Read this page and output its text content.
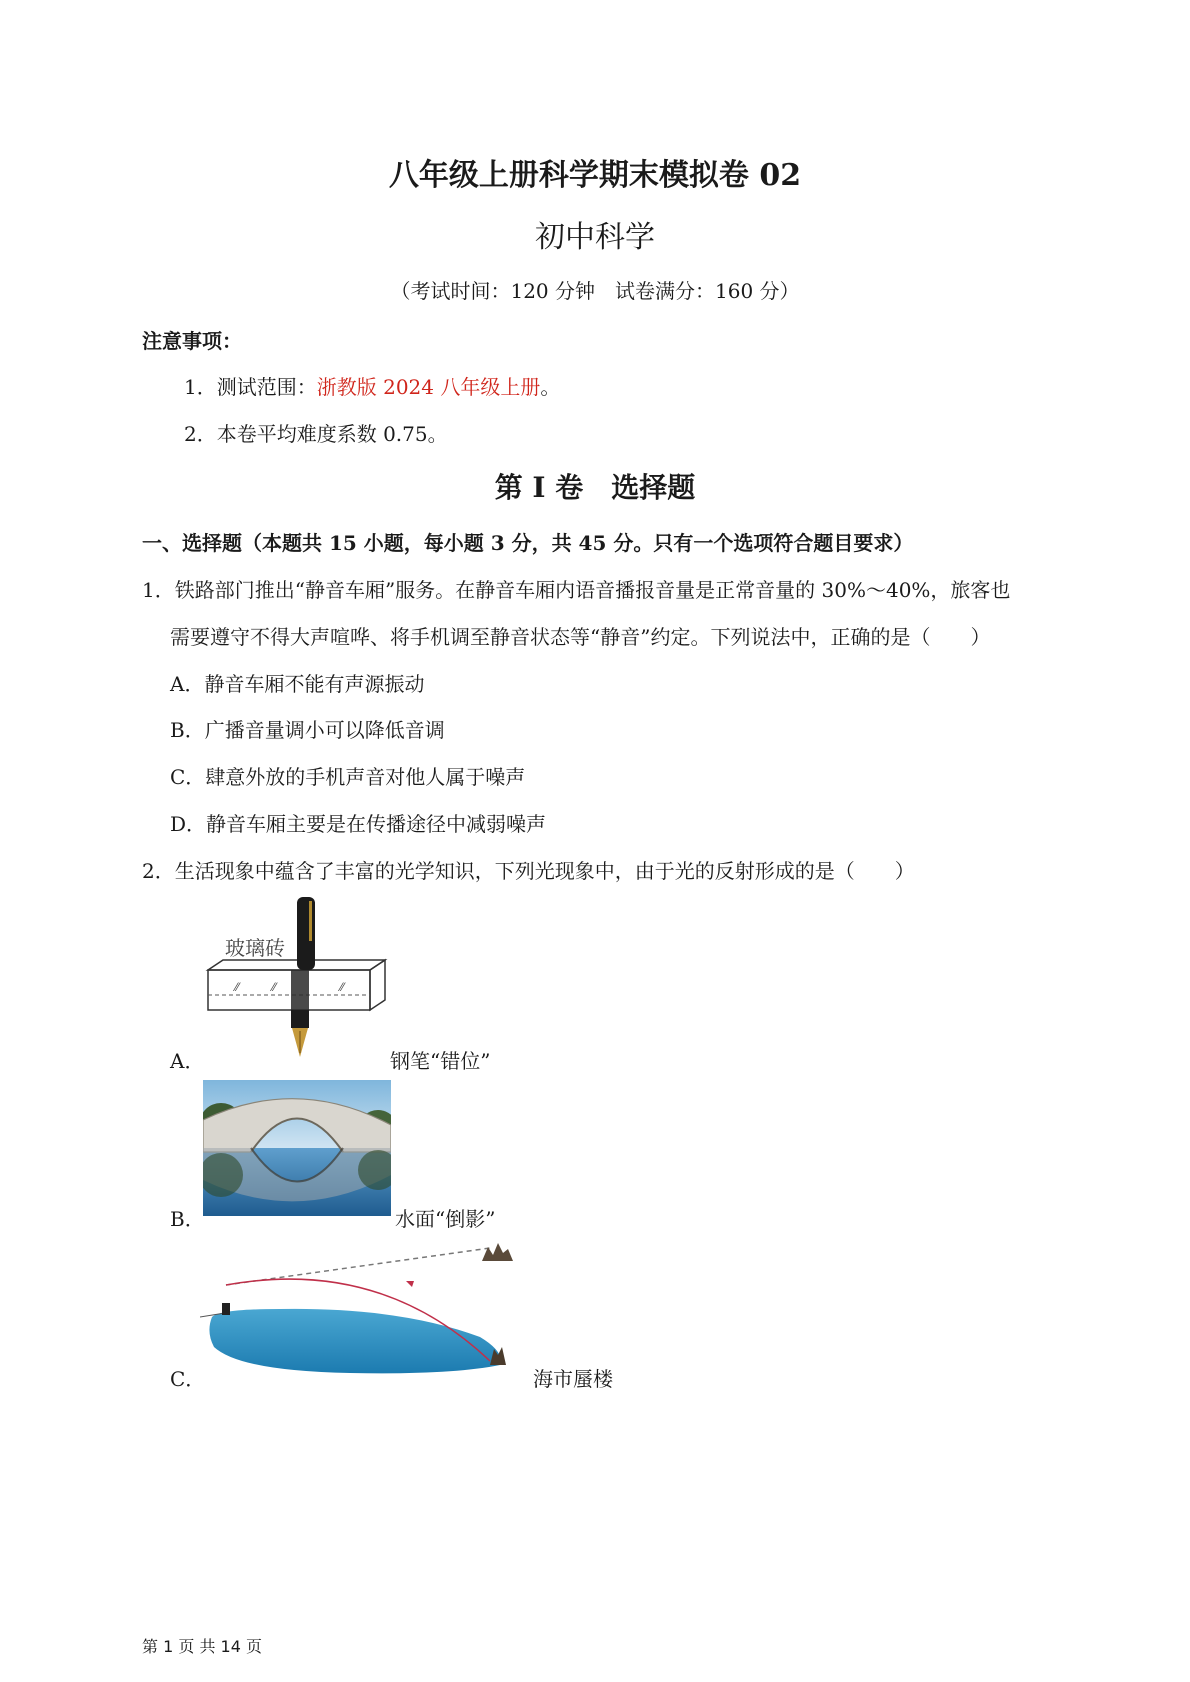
八年级上册科学期末模拟卷 02
初中科学
（考试时间：120 分钟　试卷满分：160 分）
注意事项：
1．测试范围：浙教版 2024 八年级上册。
2．本卷平均难度系数 0.75。
第 I 卷　选择题
一、选择题（本题共 15 小题，每小题 3 分，共 45 分。只有一个选项符合题目要求）
1．铁路部门推出“静音车厢”服务。在静音车厢内语音播报音量是正常音量的 30%～40%，旅客也
需要遵守不得大声喧哗、将手机调至静音状态等“静音”约定。下列说法中，正确的是（　　）
A．静音车厢不能有声源振动
B．广播音量调小可以降低音调
C．肆意外放的手机声音对他人属于噪声
D．静音车厢主要是在传播途径中减弱噪声
2．生活现象中蕴含了丰富的光学知识，下列光现象中，由于光的反射形成的是（　　）
玻璃砖
⁄⁄	⁄⁄	⁄⁄
A．	钢笔“错位”
B．	水面“倒影”
C．	海市蜃楼
第 1 页 共 14 页
